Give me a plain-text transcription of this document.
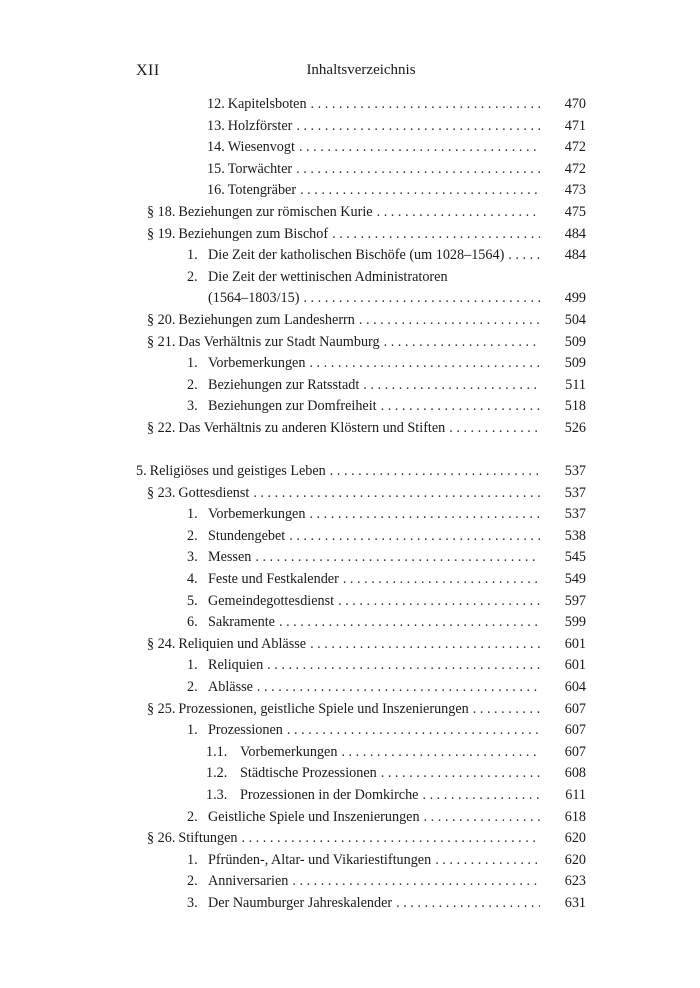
XII	Inhaltsverzeichnis
12. Kapitelsboten . . .	470
13. Holzförster . . .	471
14. Wiesenvogt . . .	472
15. Torwächter . . .	472
16. Totengräber . . .	473
§ 18. Beziehungen zur römischen Kurie . . .	475
§ 19. Beziehungen zum Bischof . . .	484
1. Die Zeit der katholischen Bischöfe (um 1028–1564) . . .	484
2. Die Zeit der wettinischen Administratoren
(1564–1803/15) . . .	499
§ 20. Beziehungen zum Landesherrn . . .	504
§ 21. Das Verhältnis zur Stadt Naumburg . . .	509
1. Vorbemerkungen . . .	509
2. Beziehungen zur Ratsstadt . . .	511
3. Beziehungen zur Domfreiheit . . .	518
§ 22. Das Verhältnis zu anderen Klöstern und Stiften . . .	526
5. Religiöses und geistiges Leben . . .	537
§ 23. Gottesdienst . . .	537
1. Vorbemerkungen . . .	537
2. Stundengebet . . .	538
3. Messen . . .	545
4. Feste und Festkalender . . .	549
5. Gemeindegottesdienst . . .	597
6. Sakramente . . .	599
§ 24. Reliquien und Ablässe . . .	601
1. Reliquien . . .	601
2. Ablässe . . .	604
§ 25. Prozessionen, geistliche Spiele und Inszenierungen . . .	607
1. Prozessionen . . .	607
1.1. Vorbemerkungen . . .	607
1.2. Städtische Prozessionen . . .	608
1.3. Prozessionen in der Domkirche . . .	611
2. Geistliche Spiele und Inszenierungen . . .	618
§ 26. Stiftungen . . .	620
1. Pfründen-, Altar- und Vikariestiftungen . . .	620
2. Anniversarien . . .	623
3. Der Naumburger Jahreskalender . . .	631
